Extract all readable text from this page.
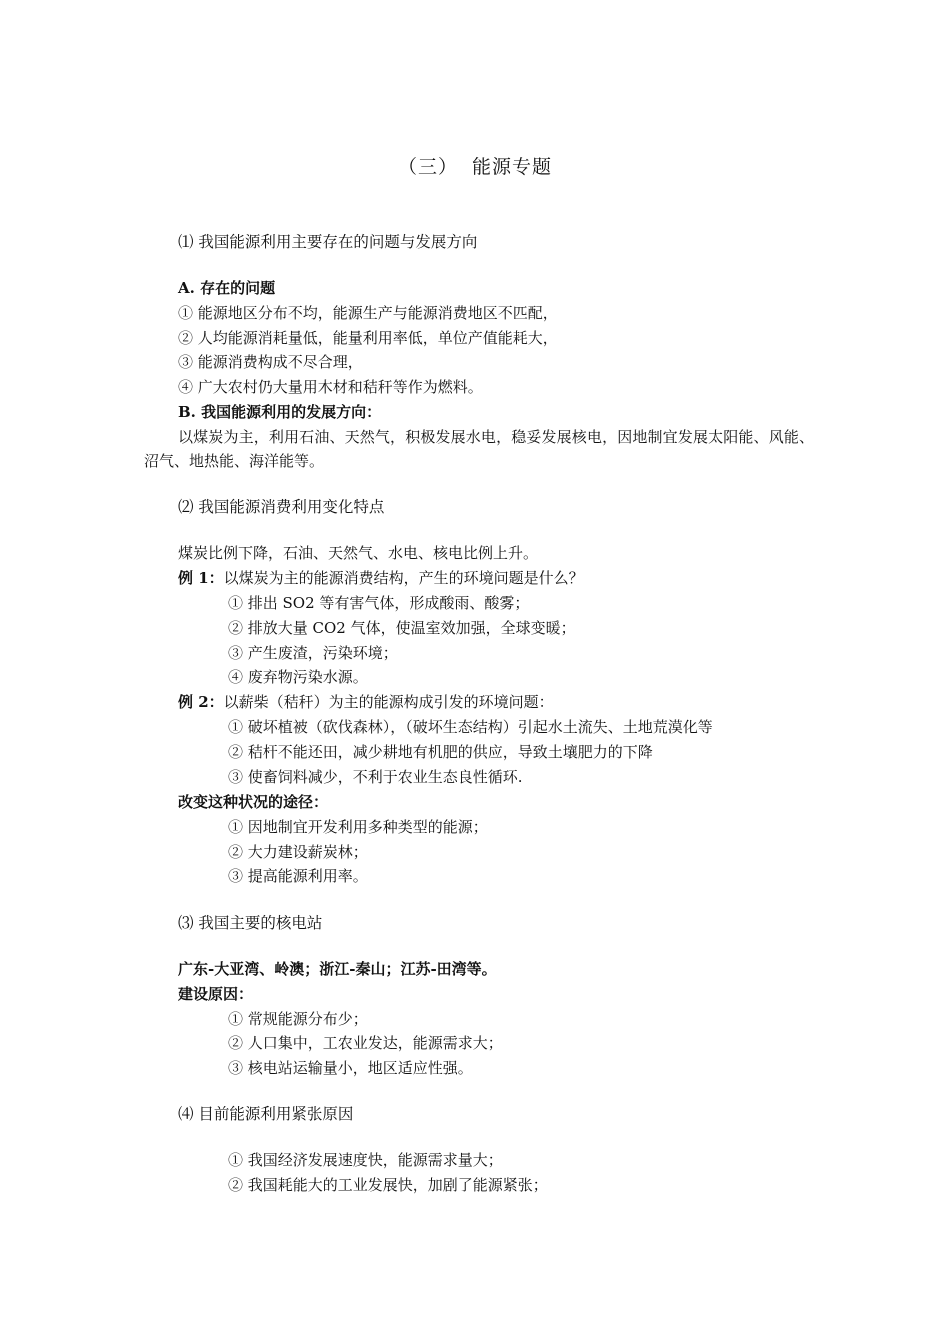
（三） 能源专题
⑴ 我国能源利用主要存在的问题与发展方向
A. 存在的问题
① 能源地区分布不均，能源生产与能源消费地区不匹配，
② 人均能源消耗量低，能量利用率低，单位产值能耗大，
③ 能源消费构成不尽合理，
④ 广大农村仍大量用木材和秸秆等作为燃料。
B. 我国能源利用的发展方向：
以煤炭为主，利用石油、天然气，积极发展水电，稳妥发展核电，因地制宜发展太阳能、风能、沼气、地热能、海洋能等。
⑵ 我国能源消费利用变化特点
煤炭比例下降，石油、天然气、水电、核电比例上升。
例 1：以煤炭为主的能源消费结构，产生的环境问题是什么？
① 排出 SO2 等有害气体，形成酸雨、酸雾；
② 排放大量 CO2 气体，使温室效加强，全球变暖；
③ 产生废渣，污染环境；
④ 废弃物污染水源。
例 2：以薪柴（秸秆）为主的能源构成引发的环境问题：
① 破坏植被（砍伐森林），（破坏生态结构）引起水土流失、土地荒漠化等
② 秸杆不能还田，减少耕地有机肥的供应，导致土壤肥力的下降
③ 使畜饲料减少，不利于农业生态良性循环.
改变这种状况的途径：
① 因地制宜开发利用多种类型的能源；
② 大力建设薪炭林；
③ 提高能源利用率。
⑶ 我国主要的核电站
广东-大亚湾、岭澳；浙江-秦山；江苏-田湾等。
建设原因：
① 常规能源分布少；
② 人口集中，工农业发达，能源需求大；
③ 核电站运输量小，地区适应性强。
⑷ 目前能源利用紧张原因
① 我国经济发展速度快，能源需求量大；
② 我国耗能大的工业发展快，加剧了能源紧张；
